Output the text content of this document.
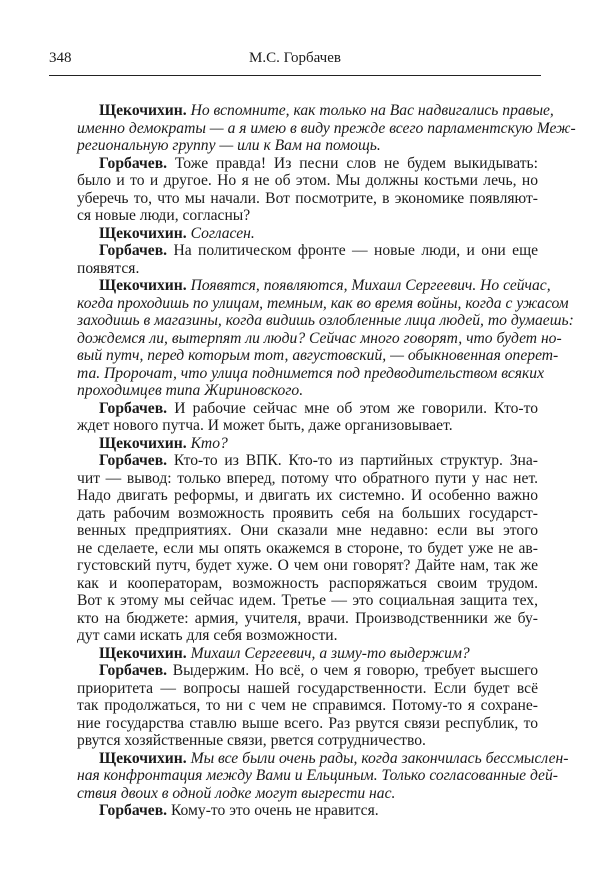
348	М.С. Горбачев
Щекочихин. Но вспомните, как только на Вас надвигались правые,
именно демократы — а я имею в виду прежде всего парламентскую Меж-
региональную группу — или к Вам на помощь.
Горбачев. Тоже правда! Из песни слов не будем выкидывать:
было и то и другое. Но я не об этом. Мы должны костьми лечь, но
уберечь то, что мы начали. Вот посмотрите, в экономике появляют-
ся новые люди, согласны?
Щекочихин. Согласен.
Горбачев. На политическом фронте — новые люди, и они еще
появятся.
Щекочихин. Появятся, появляются, Михаил Сергеевич. Но сейчас,
когда проходишь по улицам, темным, как во время войны, когда с ужасом
заходишь в магазины, когда видишь озлобленные лица людей, то думаешь:
дождемся ли, вытерпят ли люди? Сейчас много говорят, что будет но-
вый путч, перед которым тот, августовский, — обыкновенная оперет-
та. Пророчат, что улица поднимется под предводительством всяких
проходимцев типа Жириновского.
Горбачев. И рабочие сейчас мне об этом же говорили. Кто-то
ждет нового путча. И может быть, даже организовывает.
Щекочихин. Кто?
Горбачев. Кто-то из ВПК. Кто-то из партийных структур. Зна-
чит — вывод: только вперед, потому что обратного пути у нас нет.
Надо двигать реформы, и двигать их системно. И особенно важно
дать рабочим возможность проявить себя на больших государст-
венных предприятиях. Они сказали мне недавно: если вы этого
не сделаете, если мы опять окажемся в стороне, то будет уже не ав-
густовский путч, будет хуже. О чем они говорят? Дайте нам, так же
как и кооператорам, возможность распоряжаться своим трудом.
Вот к этому мы сейчас идем. Третье — это социальная защита тех,
кто на бюджете: армия, учителя, врачи. Производственники же бу-
дут сами искать для себя возможности.
Щекочихин. Михаил Сергеевич, а зиму-то выдержим?
Горбачев. Выдержим. Но всё, о чем я говорю, требует высшего
приоритета — вопросы нашей государственности. Если будет всё
так продолжаться, то ни с чем не справимся. Потому-то я сохране-
ние государства ставлю выше всего. Раз рвутся связи республик, то
рвутся хозяйственные связи, рвется сотрудничество.
Щекочихин. Мы все были очень рады, когда закончилась бессмыслен-
ная конфронтация между Вами и Ельциным. Только согласованные дей-
ствия двоих в одной лодке могут выгрести нас.
Горбачев. Кому-то это очень не нравится.
